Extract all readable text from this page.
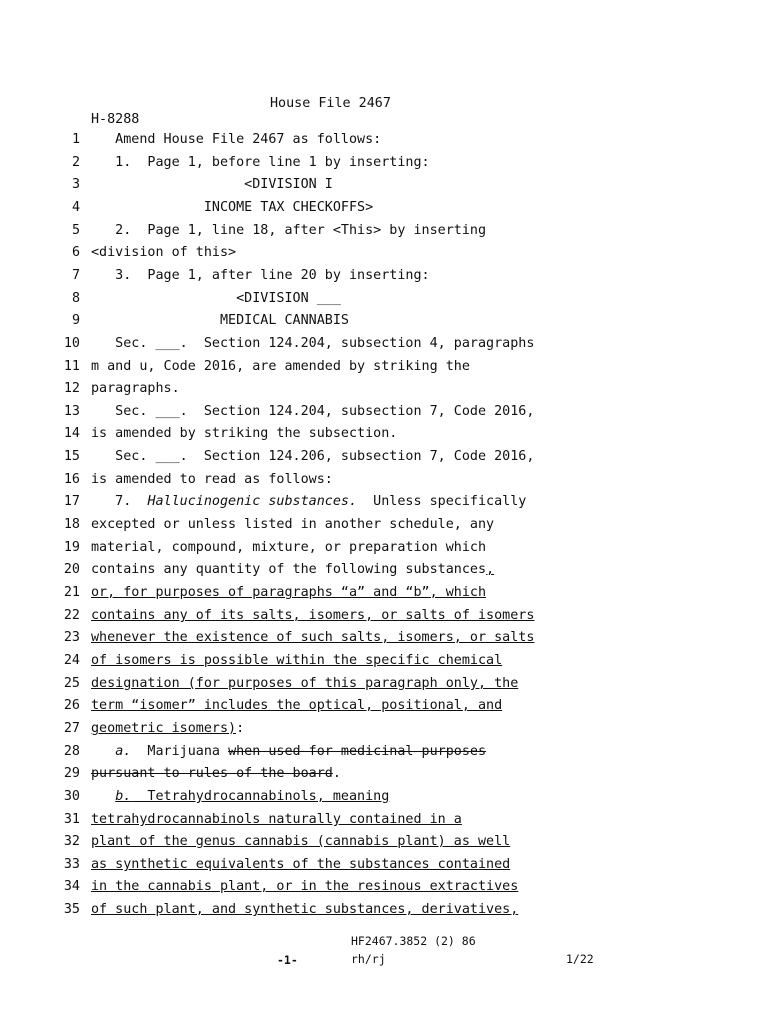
House File 2467
H-8288
1 Amend House File 2467 as follows:
2 1.  Page 1, before line 1 by inserting:
3 <DIVISION I
4 INCOME TAX CHECKOFFS>
5 2.  Page 1, line 18, after <This> by inserting
6 <division of this>
7 3.  Page 1, after line 20 by inserting:
8 <DIVISION ___
9 MEDICAL CANNABIS
10 Sec. ___.  Section 124.204, subsection 4, paragraphs
11 m and u, Code 2016, are amended by striking the
12 paragraphs.
13 Sec. ___.  Section 124.204, subsection 7, Code 2016,
14 is amended by striking the subsection.
15 Sec. ___.  Section 124.206, subsection 7, Code 2016,
16 is amended to read as follows:
17 7.  Hallucinogenic substances.  Unless specifically
18 excepted or unless listed in another schedule, any
19 material, compound, mixture, or preparation which
20 contains any quantity of the following substances,
21 or, for purposes of paragraphs “a” and “b”, which
22 contains any of its salts, isomers, or salts of isomers
23 whenever the existence of such salts, isomers, or salts
24 of isomers is possible within the specific chemical
25 designation (for purposes of this paragraph only, the
26 term “isomer” includes the optical, positional, and
27 geometric isomers):
28	a.  Marijuana when used for medicinal purposes
29 pursuant to rules of the board.
30	b.  Tetrahydrocannabinols, meaning
31 tetrahydrocannabinols naturally contained in a
32 plant of the genus cannabis (cannabis plant) as well
33 as synthetic equivalents of the substances contained
34 in the cannabis plant, or in the resinous extractives
35 of such plant, and synthetic substances, derivatives,
HF2467.3852 (2) 86
-1-	rh/rj	1/22
